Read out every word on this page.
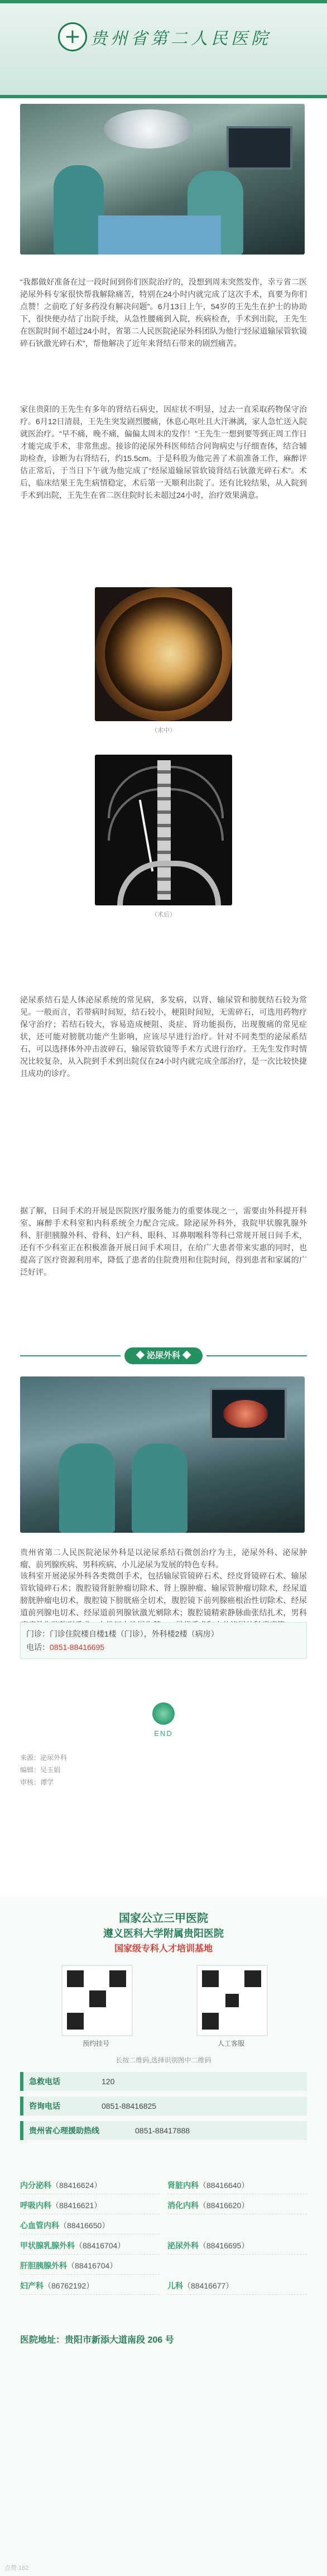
+
贵州省第二人民医院

“我都做好准备在过一段时间到你们医院治疗的，没想到周末突然发作，幸亏省二医泌尿外科专家很快帮我解除痛苦，特别在24小时内就完成了这次手术，真要为你们点赞！之前吃了好多药没有解决问题”。6月13日上午，54岁的王先生在护士的协助下，很快便办结了出院手续，从急性腰痛到入院，疾病检查，手术到出院，王先生在医院时间不超过24小时，省第二人民医院泌尿外科团队为他行“经尿道输尿管软镜碎石钬激光碎石术”，帮他解决了近年来肾结石带来的剧烈痛苦。

家住贵阳的王先生有多年的肾结石病史，因症状不明显，过去一直采取药物保守治疗。6月12日清晨，王先生突发剧烈腰痛，休息心呕吐且大汗淋漓，家人急忙送入院就医治疗。“早不痛，晚不痛，偏偏太周末的发作！”王先生一想到要等到正周工作日才能完成手术，非常焦虑。接诊的泌尿外科医师结合问询病史与仔细查体，结合辅助检查，诊断为右肾结石，约15.5cm。于是科股为他完善了术前准备工作，麻醉评估正常后，于当日下午就为他完成了“经尿道输尿管软镜肾结石钬激光碎石术”。术后，临床结果王先生病情稳定，术后第一天顺利出院了。还有比较结果，从入院到手术到出院，王先生在省二医住院时长未超过24小时，治疗效果满意。

（术中）
（术后）

泌尿系结石是人体泌尿系统的常见病，多发病，以肾、输尿管和膀胱结石较为常见。一般而言，若带病时间短，结石较小，梗阻时间短，无需碎石，可选用药物疗保守治疗；若结石较大，容易造成梗阻、炎症、肾功能损伤，出现腹痛的常见症状，还可能对膀胱功能产生影响，应该尽早进行治疗。针对不同类型的泌尿系结石，可以选择体外冲击波碎石，输尿管软镜等手术方式进行治疗。王先生发作时情况比较复杂，从入院到手术到出院仅在24小时内就完成全部治疗，是一次比较快捷且成功的诊疗。

据了解，日间手术的开展是医院医疗服务能力的重要体现之一，需要由外科提开科室、麻醉手术科室和内科系统全力配合完成。除泌尿外科外，我院甲状腺乳腺外科、肝胆胰腺外科、骨科、妇产科、眼科、耳鼻咽喉科等科已常规开展日间手术，还有不少科室正在积极准备开展日间手术项目，在给广大患者带来实惠的同时，也提高了医疗资源利用率，降低了患者的住院费用和住院时间，得到患者和家属的广泛好评。

◆ 泌尿外科 ◆

贵州省第二人民医院泌尿外科是以泌尿系结石微创治疗为主，泌尿外科、泌尿肿瘤、前列腺疾病、男科疾病、小儿泌尿为发展的特色专科。

该科室开展泌尿外科各类微创手术，包括输尿管镜碎石术、经皮肾镜碎石术、输尿管软镜碎石术；腹腔镜肾脏肿瘤切除术、肾上腺肿瘤、输尿管肿瘤切除术，经尿道膀胱肿瘤电切术，腹腔镜下膀胱癌全切术，腹腔镜下前列腺癌根治性切除术、经尿道前列腺电切术、经尿道前列腺钬激光剜除术；腹腔镜精索静脉曲张结扎术，男科

门诊：门诊住院楼自楼1楼（门诊），外科楼2楼（病房）
电话：0851-88416695
END
来源：泌尿外科
编辑：吴玉娟
审核：谭学
国家公立三甲医院
遵义医科大学附属贵阳医院
国家级专科人才培训基地
预约挂号	人工客服
长按二维码,选择识别图中二维码
急救电话	120
咨询电话	0851-88416825
贵州省心理援助热线	0851-88417888
内分泌科（88416624）	肾脏内科（88416640）
呼吸内科（88416621）	消化内科（88416620）
心血管内科（88416650）
甲状腺乳腺外科（88416704）	泌尿外科（88416695）
肝胆胰腺外科（88416704）
妇产科（86762192）	儿科（88416677）
医院地址：贵阳市新添大道南段 206 号
点赞 162
